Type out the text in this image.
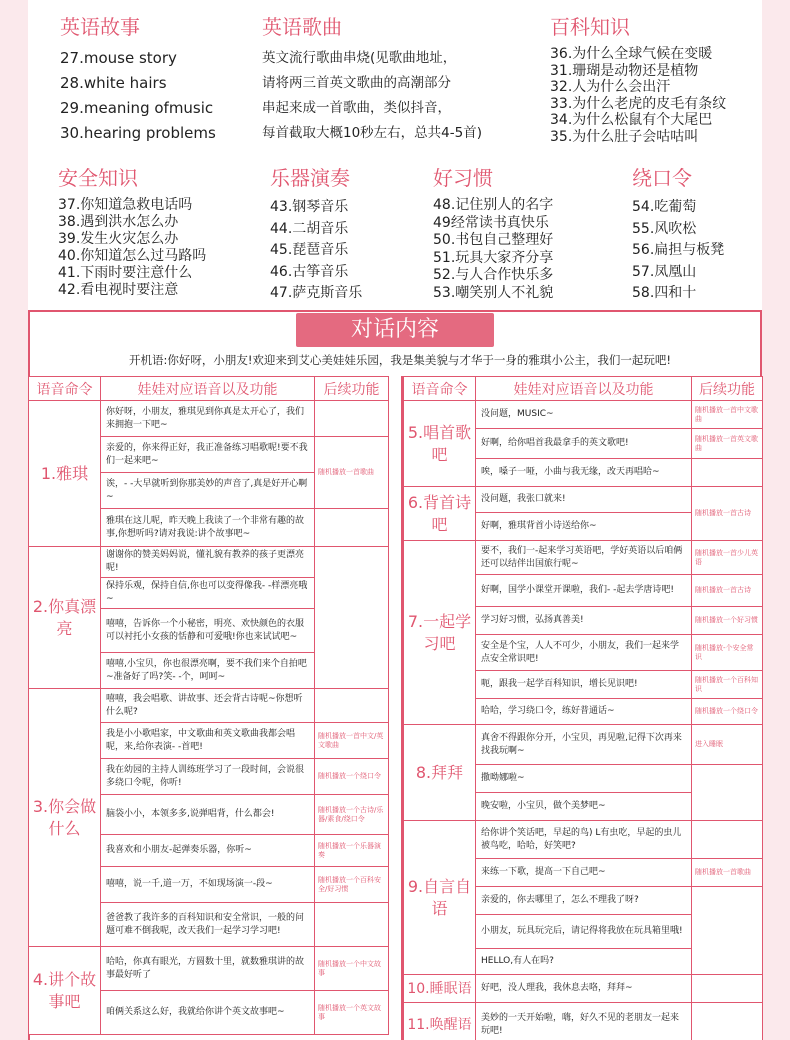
英语故事
27.mouse story
28.white hairs
29.meaning ofmusic
30.hearing problems
英语歌曲
英文流行歌曲串烧(见歌曲地址，
请将两三首英文歌曲的高潮部分
串起来成一首歌曲，类似抖音，
每首截取大概10秒左右，总共4-5首)
百科知识
36.为什么全球气候在变暖
31.珊瑚是动物还是植物
32.人为什么会出汗
33.为什么老虎的皮毛有条纹
34.为什么松鼠有个大尾巴
35.为什么肚子会咕咕叫
安全知识
37.你知道急救电话吗
38.遇到洪水怎么办
39.发生火灾怎么办
40.你知道怎么过马路吗
41.下雨时要注意什么
42.看电视时要注意
乐器演奏
43.钢琴音乐
44.二胡音乐
45.琵琶音乐
46.古筝音乐
47.萨克斯音乐
好习惯
48.记住别人的名字
49经常读书真快乐
50.书包自己整理好
51.玩具大家齐分享
52.与人合作快乐多
53.嘲笑别人不礼貌
绕口令
54.吃葡萄
55.风吹松
56.扁担与板凳
57.凤凰山
58.四和十
对话内容
开机语:你好呀，小朋友!欢迎来到艾心美娃娃乐园，我是集美貌与才华于一身的雅琪小公主，我们一起玩吧!
语音命令	娃娃对应语音以及功能	后续功能
1.雅琪	你好呀，小朋友，雅琪见到你真是太开心了，我们来拥抱一下吧~	
	亲爱的，你来得正好，我正准备练习唱歌呢!要不我们一起来吧~	随机播放一首歌曲
	诶，- -大早就听到你那美妙的声音了,真是好开心啊~	
	雅琪在这儿呢，昨天晚上我读了一个非常有趣的故事,你想听吗?请对我说:讲个故事吧~	
2.你真漂亮	谢谢你的赞美妈妈说，懂礼貌有教养的孩子更漂亮呢!	
	保持乐观，保持自信,你也可以变得像我- -样漂亮哦~	
	嘻嘻，告诉你一个小秘密，明亮、欢快颜色的衣服可以衬托小女孩的恬静和可爱哦!你也来试试吧~	
	嘻嘻,小宝贝，你也很漂亮啊，要不我们来个自拍吧~准备好了吗?笑- -个，呵呵~	
3.你会做什么	嘻嘻，我会唱歌、讲故事、还会背古诗呢~你想听什么呢?	
	我是小小歌唱家，中文歌曲和英文歌曲我都会唱呢，来,给你表演- -首吧!	随机播放一首中文/英文歌曲
	我在幼园的主持人训练班学习了一段时间，会说很多绕口令呢，你听!	随机播放一个绕口令
	脑袋小小，本领多多,说弹唱背，什么都会!	随机播放一个古诗/乐器/素食/绕口令
	我喜欢和小朋友-起弹奏乐器，你听~	随机播放一个乐器演奏
	嘻嘻，说一千,道一万，不如现场演一-段~	随机播放一个百科安全/好习惯
	爸爸教了我许多的百科知识和安全常识，一般的问题可难不倒我呢，改天我们一起学习学习吧!	
4.讲个故事吧	哈哈，你真有眼光，方圆数十里，就数雅琪讲的故事最好听了	随机播放一个中文故事
	咱俩关系这么好，我就给你讲个英文故事吧~	随机播放一个英文故事
语音命令	娃娃对应语音以及功能	后续功能
5.唱首歌吧	没问题，MUSIC~	随机播放一首中文歌曲
	好啊，给你唱首我最拿手的英文歌吧!	随机播放一首英文歌曲
	唉，嗓子一哑，小曲与我无缘，改天再唱哈~	
6.背首诗吧	没问题，我张口就来!	随机播放一首古诗
	好啊，雅琪背首小诗送给你~	
7.一起学习吧	要不，我们一-起来学习英语吧，学好英语以后咱俩还可以结伴出国旅行呢~	随机播放一首少儿英语
	好啊，国学小课堂开课啦，我们- -起去学唐诗吧!	随机播放一首古诗
	学习好习惯，弘扬真善美!	随机播放一个好习惯
	安全是个宝，人人不可少，小朋友，我们一起来学点安全常识吧!	随机播放-个安全常识
	呃，跟我一起学百科知识，增长见识吧!	随机播放一个百科知识
	哈哈，学习绕口令，练好普通话~	随机播放一个绕口令
8.拜拜	真舍不得跟你分开，小宝贝，再见啦,记得下次再来找我玩啊~	进入睡眠
	撒呦娜啦~	
	晚安啦，小宝贝，做个美梦吧~	
9.自言自语	给你讲个笑话吧，早起的鸟) L有虫吃，早起的虫儿被鸟吃，哈哈，好笑吧?	
	来练一下歌，提高一下自己吧~	随机播放一首歌曲
	亲爱的，你去哪里了，怎么不理我了呀?	
	小朋友，玩具玩完后，请记得将我放在玩具箱里哦!	
	HELLO,有人在吗?	
10.睡眠语	好吧，没人理我，我休息去咯，拜拜~	
11.唤醒语	美妙的一天开始啦，嗨，好久不见的老朋友一起来玩吧!	
